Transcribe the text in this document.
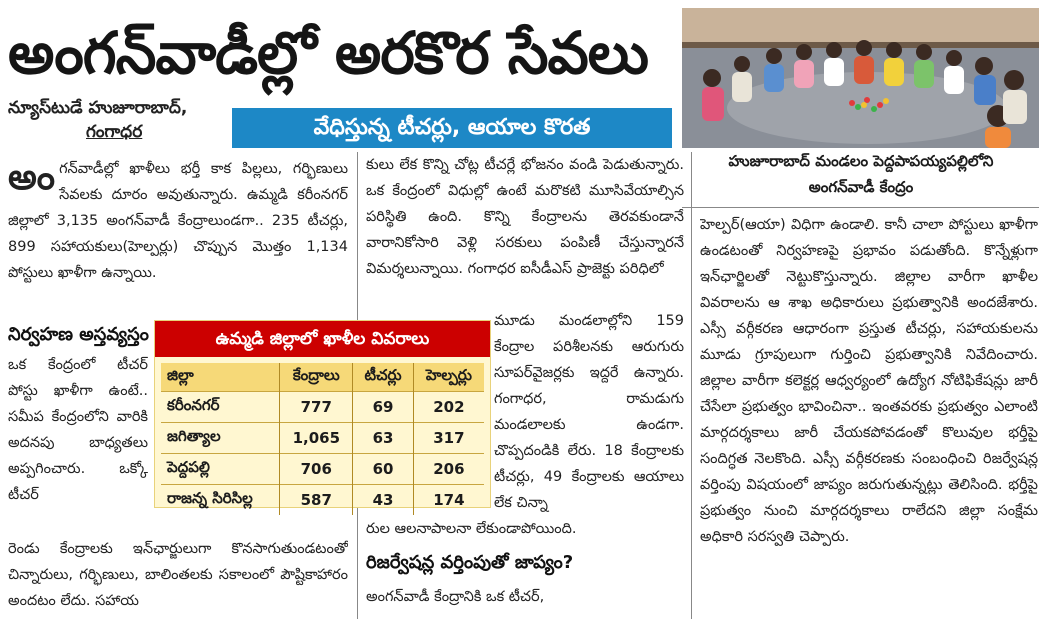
అంగన్‌వాడీల్లో అరకొర సేవలు
న్యూస్‌టుడే హుజూరాబాద్,
గంగాధర	వేధిస్తున్న టీచర్లు, ఆయాల కొరత
హుజూరాబాద్ మండలం పెద్దపాపయ్యపల్లిలోని
అంగన్‌వాడీ కేంద్రం
అంగన్‌వాడీల్లో ఖాళీలు భర్తీ కాక పిల్లలు, గర్భిణులు సేవలకు దూరం అవుతున్నారు. ఉమ్మడి కరీంనగర్ జిల్లాలో 3,135 అంగన్‌వాడీ కేంద్రాలుండగా.. 235 టీచర్లు, 899 సహాయకులు(హెల్పర్లు) చొప్పున మొత్తం 1,134 పోస్టులు ఖాళీగా ఉన్నాయి.
నిర్వహణ అస్తవ్యస్తం
ఒక కేంద్రంలో టీచర్ పోస్టు ఖాళీగా ఉంటే.. సమీప కేంద్రంలోని వారికి అదనపు బాధ్యతలు అప్పగించారు. ఒక్కో టీచర్
రెండు కేంద్రాలకు ఇన్‌ఛార్జులుగా కొనసాగుతుండటంతో చిన్నారులు, గర్భిణులు, బాలింతలకు సకాలంలో పౌష్టికాహారం అందటం లేదు. సహాయ
కులు లేక కొన్ని చోట్ల టీచర్లే భోజనం వండి పెడుతున్నారు. ఒక కేంద్రంలో విధుల్లో ఉంటే మరొకటి మూసివేయాల్సిన పరిస్థితి ఉంది. కొన్ని కేంద్రాలను తెరవకుండానే వారానికోసారి వెళ్లి సరకులు పంపిణీ చేస్తున్నారనే విమర్శలున్నాయి. గంగాధర ఐసీడీఎస్ ప్రాజెక్టు పరిధిలో
మూడు మండలాల్లోని 159 కేంద్రాల పరిశీలనకు ఆరుగురు సూపర్‌వైజర్లకు ఇద్దరే ఉన్నారు. గంగాధర, రామడుగు మండలాలకు ఉండగా. చొప్పదండికి లేరు. 18 కేంద్రాలకు టీచర్లు, 49 కేంద్రాలకు ఆయాలు లేక చిన్నా
రుల ఆలనాపాలనా లేకుండాపోయింది.
రిజర్వేషన్ల వర్తింపుతో జాప్యం?
అంగన్‌వాడీ కేంద్రానికి ఒక టీచర్,
హెల్పర్(ఆయా) విధిగా ఉండాలి. కానీ చాలా పోస్టులు ఖాళీగా ఉండటంతో నిర్వహణపై ప్రభావం పడుతోంది. కొన్నేళ్లుగా ఇన్‌ఛార్జిలతో నెట్టుకొస్తున్నారు. జిల్లాల వారీగా ఖాళీల వివరాలను ఆ శాఖ అధికారులు ప్రభుత్వానికి అందజేశారు. ఎస్సీ వర్గీకరణ ఆధారంగా ప్రస్తుత టీచర్లు, సహాయకులను మూడు గ్రూపులుగా గుర్తించి ప్రభుత్వానికి నివేదించారు. జిల్లాల వారీగా కలెక్టర్ల ఆధ్వర్యంలో ఉద్యోగ నోటిఫికేషన్లు జారీ చేసేలా ప్రభుత్వం భావించినా.. ఇంతవరకు ప్రభుత్వం ఎలాంటి మార్గదర్శకాలు జారీ చేయకపోవడంతో కొలువుల భర్తీపై సందిగ్ధత నెలకొంది. ఎస్సీ వర్గీకరణకు సంబంధించి రిజర్వేషన్ల వర్తింపు విషయంలో జాప్యం జరుగుతున్నట్లు తెలిసింది. భర్తీపై ప్రభుత్వం నుంచి మార్గదర్శకాలు రాలేదని జిల్లా సంక్షేమ అధికారి సరస్వతి చెప్పారు.
ఉమ్మడి జిల్లాలో ఖాళీల వివరాలు
జిల్లా	కేంద్రాలు	టీచర్లు	హెల్పర్లు
కరీంనగర్	777	69	202
జగిత్యాల	1,065	63	317
పెద్దపల్లి	706	60	206
రాజన్న సిరిసిల్ల	587	43	174
